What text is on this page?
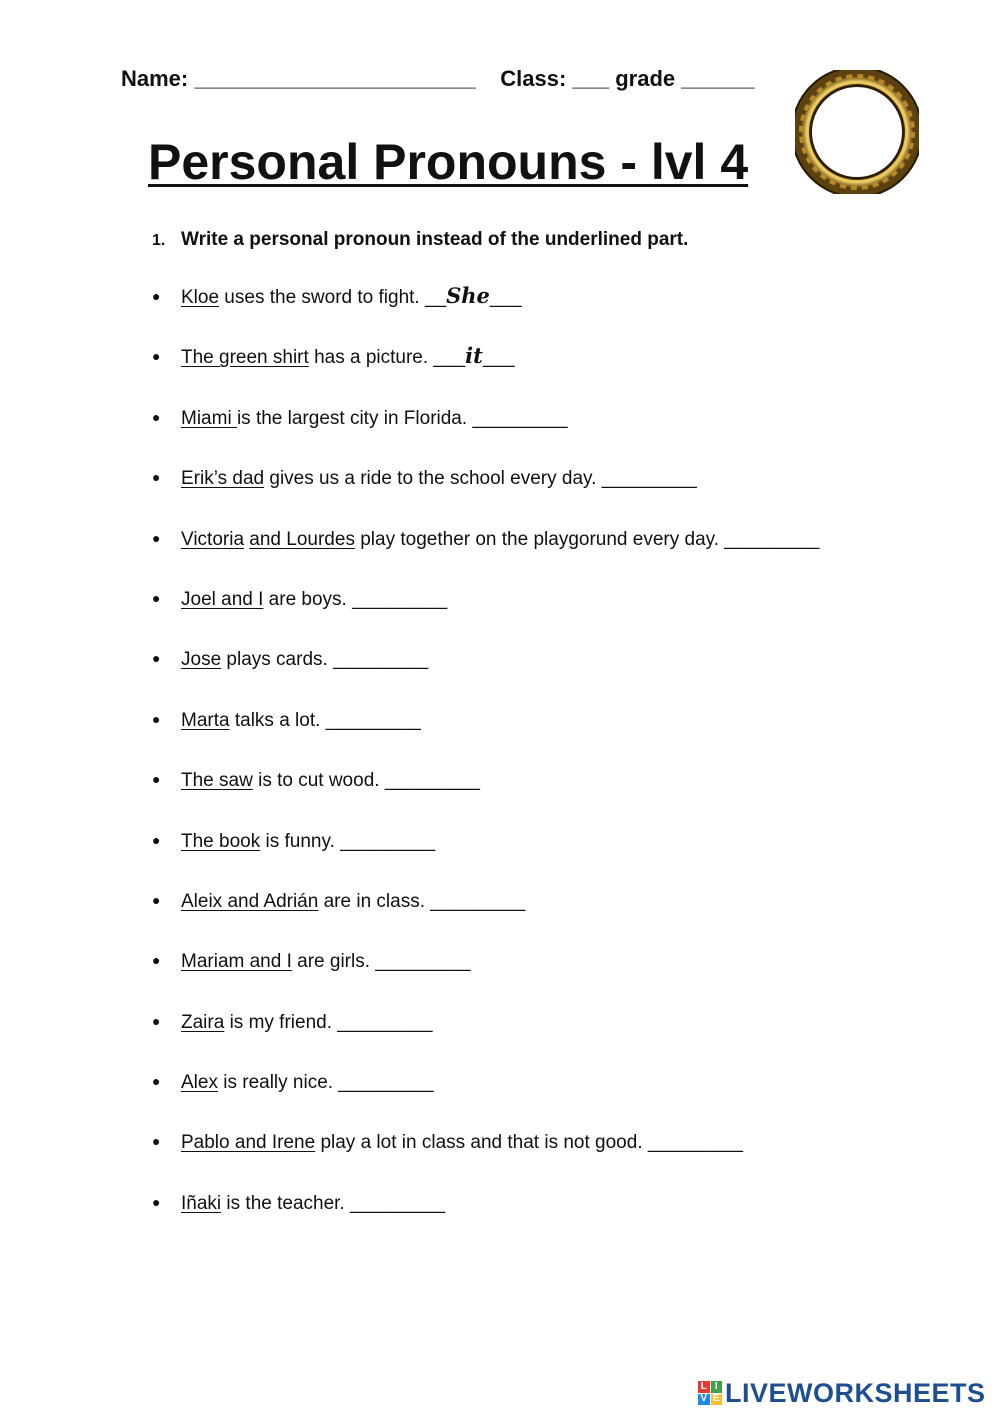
Name: _______________________ Class: ___ grade ______
Personal Pronouns - lvl 4
1. Write a personal pronoun instead of the underlined part.
● Kloe uses the sword to fight. __She___
● The green shirt has a picture. ___it___
● Miami is the largest city in Florida. _________
● Erik’s dad gives us a ride to the school every day. _________
● Victoria and Lourdes play together on the playgorund every day. _________
● Joel and I are boys. _________
● Jose plays cards. _________
● Marta talks a lot. _________
● The saw is to cut wood. _________
● The book is funny. _________
● Aleix and Adrián are in class. _________
● Mariam and I are girls. _________
● Zaira is my friend. _________
● Alex is really nice. _________
● Pablo and Irene play a lot in class and that is not good. _________
● Iñaki is the teacher. _________
L I
V E LIVEWORKSHEETS
